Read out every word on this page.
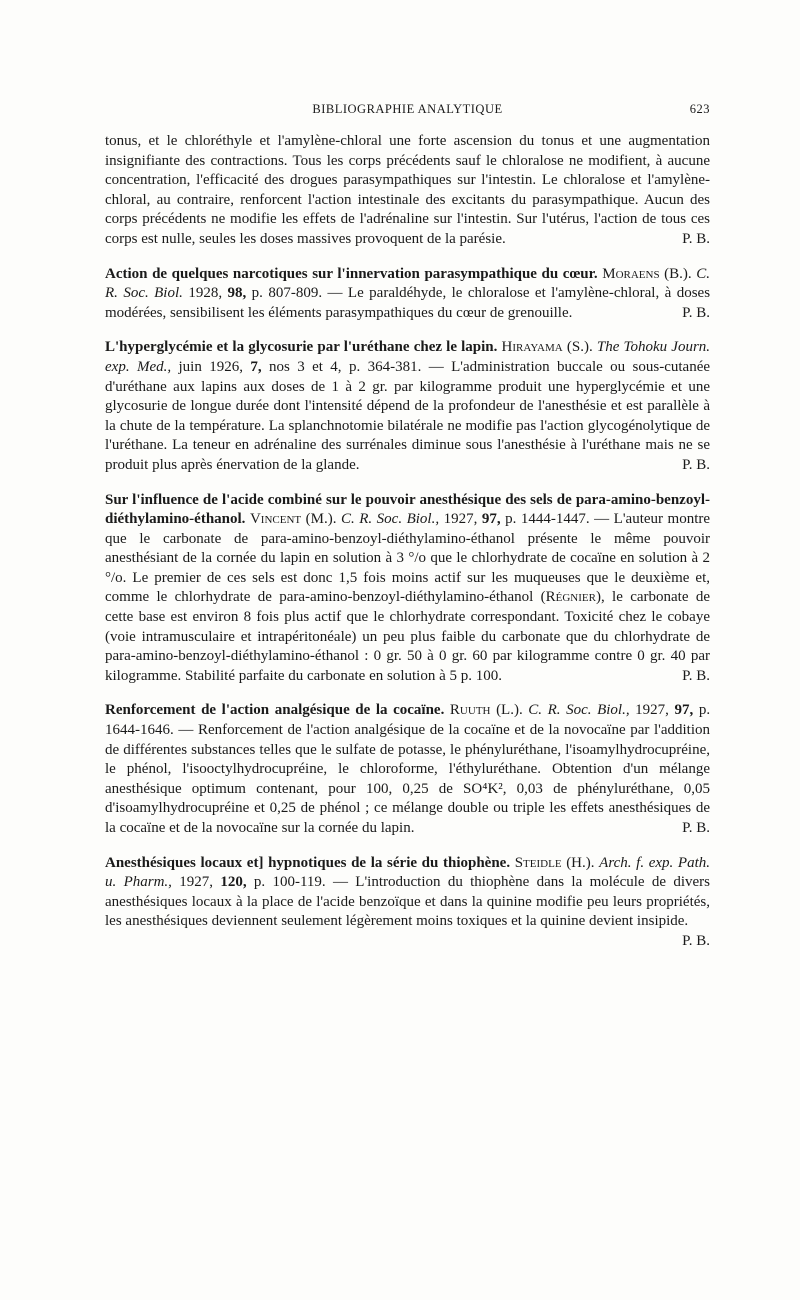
BIBLIOGRAPHIE ANALYTIQUE	623

tonus, et le chloréthyle et l'amylène-chloral une forte ascension du tonus et une augmentation insignifiante des contractions. Tous les corps précédents sauf le chloralose ne modifient, à aucune concentration, l'efficacité des drogues parasympathiques sur l'intestin. Le chloralose et l'amylène-chloral, au contraire, renforcent l'action intestinale des excitants du parasympathique. Aucun des corps précédents ne modifie les effets de l'adrénaline sur l'intestin. Sur l'utérus, l'action de tous ces corps est nulle, seules les doses massives provoquent de la parésie.	P. B.

Action de quelques narcotiques sur l'innervation parasympathique du cœur. Moraens (B.). C. R. Soc. Biol. 1928, 98, p. 807-809. — Le paraldéhyde, le chloralose et l'amylène-chloral, à doses modérées, sensibilisent les éléments parasympathiques du cœur de grenouille.	P. B.

L'hyperglycémie et la glycosurie par l'uréthane chez le lapin. Hirayama (S.). The Tohoku Journ. exp. Med., juin 1926, 7, nos 3 et 4, p. 364-381. — L'administration buccale ou sous-cutanée d'uréthane aux lapins aux doses de 1 à 2 gr. par kilogramme produit une hyperglycémie et une glycosurie de longue durée dont l'intensité dépend de la profondeur de l'anesthésie et est parallèle à la chute de la température. La splanchnotomie bilatérale ne modifie pas l'action glycogénolytique de l'uréthane. La teneur en adrénaline des surrénales diminue sous l'anesthésie à l'uréthane mais ne se produit plus après énervation de la glande.	P. B.

Sur l'influence de l'acide combiné sur le pouvoir anesthésique des sels de para-amino-benzoyl-diéthylamino-éthanol. Vincent (M.). C. R. Soc. Biol., 1927, 97, p. 1444-1447. — L'auteur montre que le carbonate de para-amino-benzoyl-diéthylamino-éthanol présente le même pouvoir anesthésiant de la cornée du lapin en solution à 3 °/o que le chlorhydrate de cocaïne en solution à 2 °/o. Le premier de ces sels est donc 1,5 fois moins actif sur les muqueuses que le deuxième et, comme le chlorhydrate de para-amino-benzoyl-diéthylamino-éthanol (Régnier), le carbonate de cette base est environ 8 fois plus actif que le chlorhydrate correspondant. Toxicité chez le cobaye (voie intramusculaire et intrapéritonéale) un peu plus faible du carbonate que du chlorhydrate de para-amino-benzoyl-diéthylamino-éthanol : 0 gr. 50 à 0 gr. 60 par kilogramme contre 0 gr. 40 par kilogramme. Stabilité parfaite du carbonate en solution à 5 p. 100.	P. B.

Renforcement de l'action analgésique de la cocaïne. Ruuth (L.). C. R. Soc. Biol., 1927, 97, p. 1644-1646. — Renforcement de l'action analgésique de la cocaïne et de la novocaïne par l'addition de différentes substances telles que le sulfate de potasse, le phényluréthane, l'isoamylhydrocupréine, le phénol, l'isooctylhydrocupréine, le chloroforme, l'éthyluréthane. Obtention d'un mélange anesthésique optimum contenant, pour 100, 0,25 de SO⁴K², 0,03 de phényluréthane, 0,05 d'isoamylhydrocupréine et 0,25 de phénol ; ce mélange double ou triple les effets anesthésiques de la cocaïne et de la novocaïne sur la cornée du lapin.	P. B.

Anesthésiques locaux et] hypnotiques de la série du thiophène. Steidle (H.). Arch. f. exp. Path. u. Pharm., 1927, 120, p. 100-119. — L'introduction du thiophène dans la molécule de divers anesthésiques locaux à la place de l'acide benzoïque et dans la quinine modifie peu leurs propriétés, les anesthésiques deviennent seulement légèrement moins toxiques et la quinine devient insipide.
P. B.
